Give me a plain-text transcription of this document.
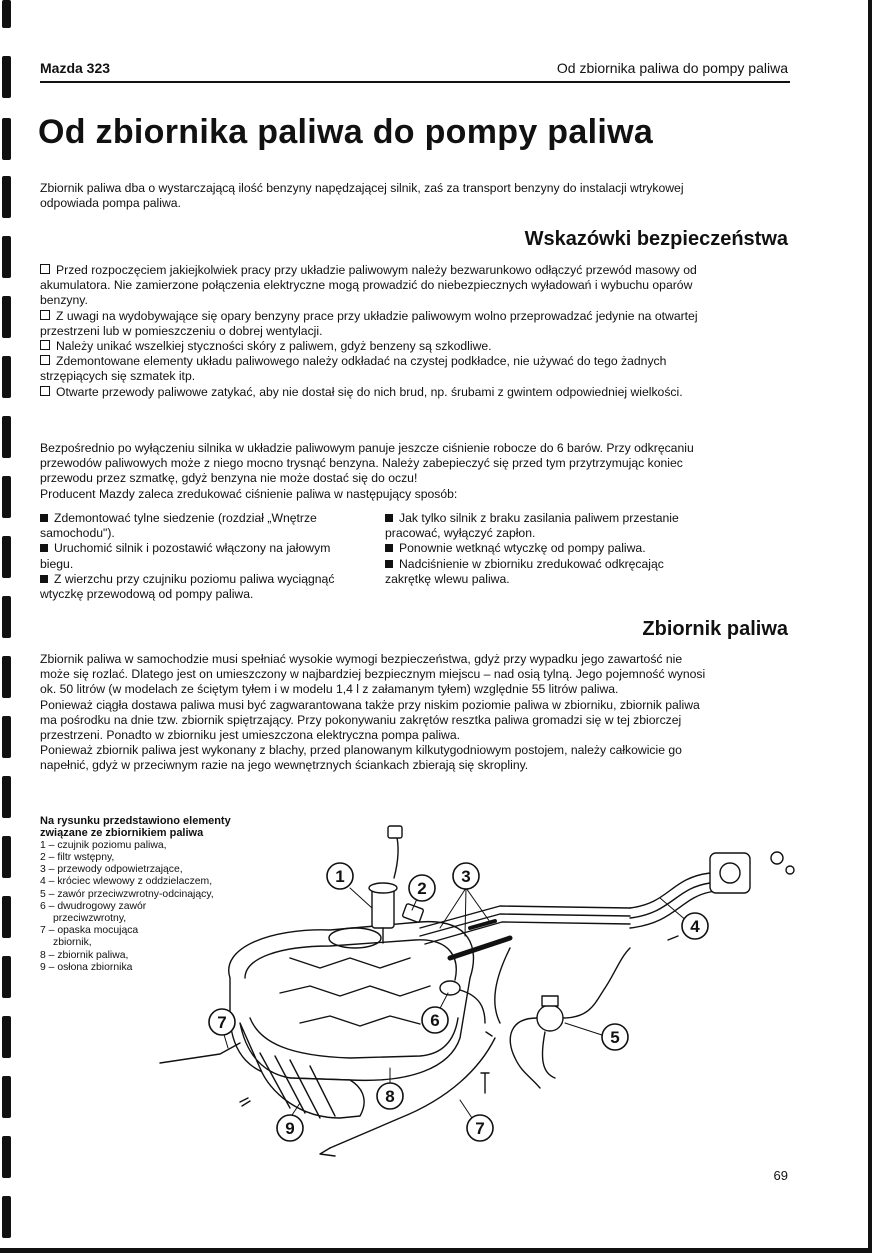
Mazda 323	Od zbiornika paliwa do pompy paliwa
Od zbiornika paliwa do pompy paliwa
Zbiornik paliwa dba o wystarczającą ilość benzyny napędzającej silnik, zaś za transport benzyny do instalacji wtrykowej odpowiada pompa paliwa.
Wskazówki bezpieczeństwa

Przed rozpoczęciem jakiejkolwiek pracy przy układzie paliwowym należy bezwarunkowo odłączyć przewód masowy od akumulatora. Nie zamierzone połączenia elektryczne mogą prowadzić do niebezpiecznych wyładowań i wybuchu oparów benzyny.

Z uwagi na wydobywające się opary benzyny prace przy układzie paliwowym wolno przeprowadzać jedynie na otwartej przestrzeni lub w pomieszczeniu o dobrej wentylacji.

Należy unikać wszelkiej styczności skóry z paliwem, gdyż benzeny są szkodliwe.

Zdemontowane elementy układu paliwowego należy odkładać na czystej podkładce, nie używać do tego żadnych strzępiących się szmatek itp.

Otwarte przewody paliwowe zatykać, aby nie dostał się do nich brud, np. śrubami z gwintem odpowiedniej wielkości.

Bezpośrednio po wyłączeniu silnika w układzie paliwowym panuje jeszcze ciśnienie robocze do 6 barów. Przy odkręcaniu przewodów paliwowych może z niego mocno trysnąć benzyna. Należy zabepieczyć się przed tym przytrzymując koniec przewodu przez szmatkę, gdyż benzyna nie może dostać się do oczu!
Producent Mazdy zaleca zredukować ciśnienie paliwa w następujący sposób:

Zdemontować tylne siedzenie (rozdział „Wnętrze samochodu").

Uruchomić silnik i pozostawić włączony na jałowym biegu.

Z wierzchu przy czujniku poziomu paliwa wyciągnąć wtyczkę przewodową od pompy paliwa.

Jak tylko silnik z braku zasilania paliwem przestanie pracować, wyłączyć zapłon.

Ponownie wetknąć wtyczkę od pompy paliwa.

Nadciśnienie w zbiorniku zredukować odkręcając zakrętkę wlewu paliwa.

Zbiornik paliwa
Zbiornik paliwa w samochodzie musi spełniać wysokie wymogi bezpieczeństwa, gdyż przy wypadku jego zawartość nie może się rozlać. Dlatego jest on umieszczony w najbardziej bezpiecznym miejscu – nad osią tylną. Jego pojemność wynosi ok. 50 litrów (w modelach ze ściętym tyłem i w modelu 1,4 l z załamanym tyłem) względnie 55 litrów paliwa.
Ponieważ ciągła dostawa paliwa musi być zagwarantowana także przy niskim poziomie paliwa w zbiorniku, zbiornik paliwa ma pośrodku na dnie tzw. zbiornik spiętrzający. Przy pokonywaniu zakrętów resztka paliwa gromadzi się w tej zbiorczej przestrzeni. Ponadto w zbiorniku jest umieszczona elektryczna pompa paliwa.
Ponieważ zbiornik paliwa jest wykonany z blachy, przed planowanym kilkutygodniowym postojem, należy całkowicie go napełnić, gdyż w przeciwnym razie na jego wewnętrznych ściankach zbierają się skropliny.

Na rysunku przedstawiono elementy związane ze zbiornikiem paliwa

1 – czujnik poziomu paliwa,

2 – filtr wstępny,

3 – przewody odpowietrzające,

4 – króciec wlewowy z oddzielaczem,

5 – zawór przeciwzwrotny-odcinający,

6 – dwudrogowy zawór

przeciwzwrotny,

7 – opaska mocująca

zbiornik,

8 – zbiornik paliwa,

9 – osłona zbiornika

1
2
3
4
5
6
7
8
9	7
69
